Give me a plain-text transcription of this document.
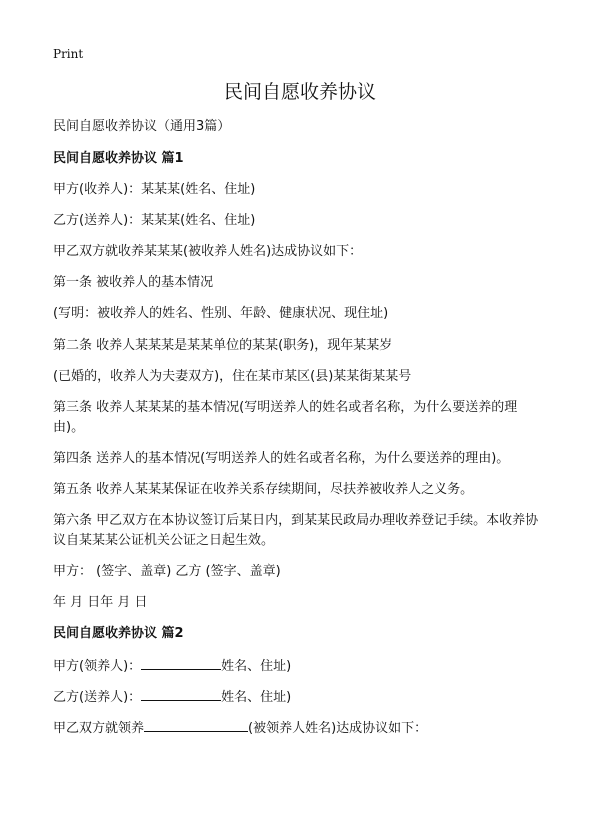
Print
民间自愿收养协议
民间自愿收养协议（通用3篇）
民间自愿收养协议 篇1
甲方(收养人)：某某某(姓名、住址)
乙方(送养人)：某某某(姓名、住址)
甲乙双方就收养某某某(被收养人姓名)达成协议如下：
第一条 被收养人的基本情况
(写明：被收养人的姓名、性别、年龄、健康状况、现住址)
第二条 收养人某某某是某某单位的某某(职务)，现年某某岁
(已婚的，收养人为夫妻双方)，住在某市某区(县)某某街某某号
第三条 收养人某某某的基本情况(写明送养人的姓名或者名称，为什么要送养的理由)。
第四条 送养人的基本情况(写明送养人的姓名或者名称，为什么要送养的理由)。
第五条 收养人某某某保证在收养关系存续期间，尽扶养被收养人之义务。
第六条 甲乙双方在本协议签订后某日内，到某某民政局办理收养登记手续。本收养协议自某某某公证机关公证之日起生效。
甲方： (签字、盖章) 乙方 (签字、盖章)
年 月 日年 月 日
民间自愿收养协议 篇2
甲方(领养人)：	姓名、住址)
乙方(送养人)：	姓名、住址)
甲乙双方就领养	(被领养人姓名)达成协议如下：
